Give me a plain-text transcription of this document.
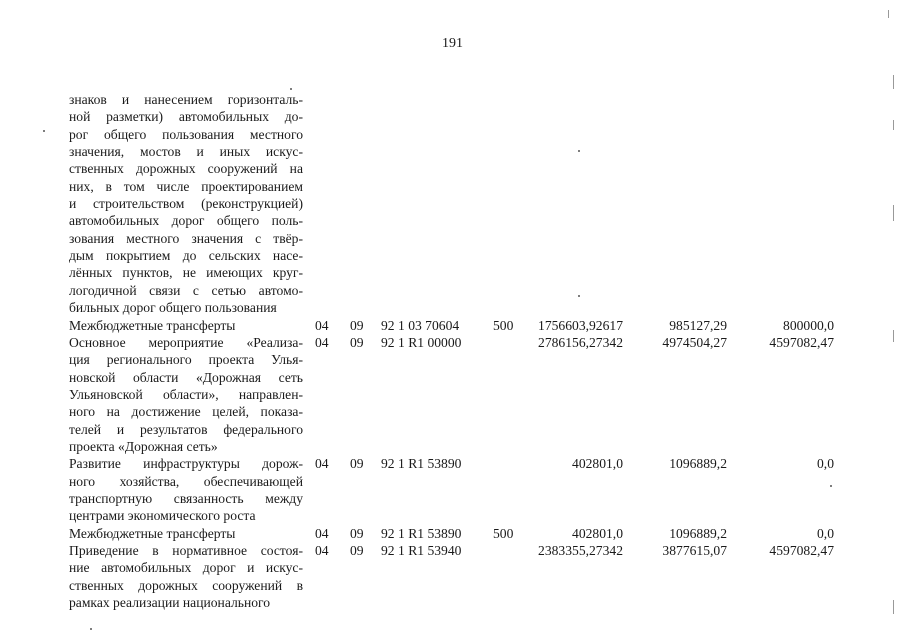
191
знаков и нанесением горизонталь-
ной разметки) автомобильных до-
рог общего пользования местного
значения, мостов и иных искус-
ственных дорожных сооружений на
них, в том числе проектированием
и строительством (реконструкцией)
автомобильных дорог общего поль-
зования местного значения с твёр-
дым покрытием до сельских насе-
лённых пунктов, не имеющих круг-
логодичной связи с сетью автомо-
бильных дорог общего пользования
Межбюджетные трансферты	04 09 92 1 03 70604 500 1756603,92617	985127,29	800000,0
Основное мероприятие «Реализа-
ция регионального проекта Улья-
новской области «Дорожная сеть
Ульяновской области», направлен-
ного на достижение целей, показа-
телей и результатов федерального
проекта «Дорожная сеть»
04 09 92 1 R1 00000	2786156,27342	4974504,27	4597082,47
Развитие инфраструктуры дорож-
ного хозяйства, обеспечивающей
транспортную связанность между
центрами экономического роста
04 09 92 1 R1 53890	402801,0	1096889,2	0,0
Межбюджетные трансферты	04 09 92 1 R1 53890 500	402801,0	1096889,2	0,0
Приведение в нормативное состоя-
ние автомобильных дорог и искус-
ственных дорожных сооружений в
рамках реализации национального
04 09 92 1 R1 53940	2383355,27342	3877615,07	4597082,47
